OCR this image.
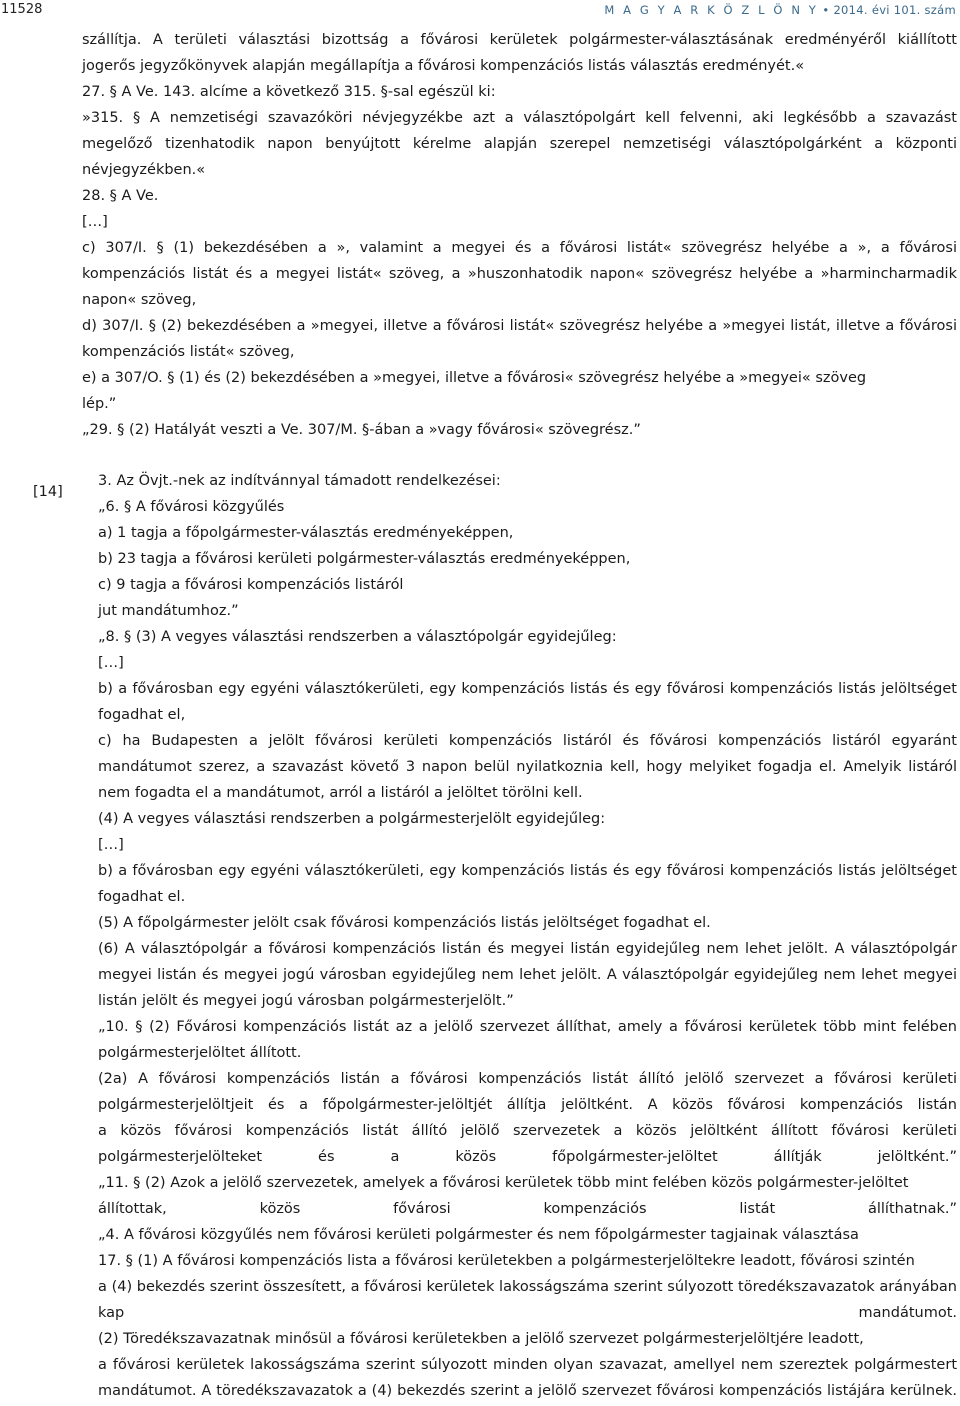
11528	M A G Y A R K Ö Z L Ö N Y • 2014. évi 101. szám
[14]
szállítja. A területi választási bizottság a fővárosi kerületek polgármester-választásának eredményéről kiállított
jogerős jegyzőkönyvek alapján megállapítja a fővárosi kompenzációs listás választás eredményét.«
27. § A Ve. 143. alcíme a következő 315. §-sal egészül ki:
»315. § A nemzetiségi szavazóköri névjegyzékbe azt a választópolgárt kell felvenni, aki legkésőbb a szavazást
megelőző tizenhatodik napon benyújtott kérelme alapján szerepel nemzetiségi választópolgárként a központi
névjegyzékben.«
28. § A Ve.
[…]
c) 307/I. § (1) bekezdésében a », valamint a megyei és a fővárosi listát« szövegrész helyébe a », a fővárosi
kompenzációs listát és a megyei listát« szöveg, a »huszonhatodik napon« szövegrész helyébe a »harmincharmadik
napon« szöveg,
d) 307/I. § (2) bekezdésében a »megyei, illetve a fővárosi listát« szövegrész helyébe a »megyei listát, illetve a fővárosi
kompenzációs listát« szöveg,
e) a 307/O. § (1) és (2) bekezdésében a »megyei, illetve a fővárosi« szövegrész helyébe a »megyei« szöveg
lép.”
„29. § (2) Hatályát veszti a Ve. 307/M. §-ában a »vagy fővárosi« szövegrész.”
3. Az Övjt.-nek az indítvánnyal támadott rendelkezései:
„6. § A fővárosi közgyűlés
a) 1 tagja a főpolgármester-választás eredményeképpen,
b) 23 tagja a fővárosi kerületi polgármester-választás eredményeképpen,
c) 9 tagja a fővárosi kompenzációs listáról
jut mandátumhoz.”
„8. § (3) A vegyes választási rendszerben a választópolgár egyidejűleg:
[…]
b) a fővárosban egy egyéni választókerületi, egy kompenzációs listás és egy fővárosi kompenzációs listás jelöltséget
fogadhat el,
c) ha Budapesten a jelölt fővárosi kerületi kompenzációs listáról és fővárosi kompenzációs listáról egyaránt
mandátumot szerez, a szavazást követő 3 napon belül nyilatkoznia kell, hogy melyiket fogadja el. Amelyik listáról
nem fogadta el a mandátumot, arról a listáról a jelöltet törölni kell.
(4) A vegyes választási rendszerben a polgármesterjelölt egyidejűleg:
[…]
b) a fővárosban egy egyéni választókerületi, egy kompenzációs listás és egy fővárosi kompenzációs listás jelöltséget
fogadhat el.
(5) A főpolgármester jelölt csak fővárosi kompenzációs listás jelöltséget fogadhat el.
(6) A választópolgár a fővárosi kompenzációs listán és megyei listán egyidejűleg nem lehet jelölt. A választópolgár
megyei listán és megyei jogú városban egyidejűleg nem lehet jelölt. A választópolgár egyidejűleg nem lehet megyei
listán jelölt és megyei jogú városban polgármesterjelölt.”
„10. § (2) Fővárosi kompenzációs listát az a jelölő szervezet állíthat, amely a fővárosi kerületek több mint felében
polgármesterjelöltet állított.
(2a) A fővárosi kompenzációs listán a fővárosi kompenzációs listát állító jelölő szervezet a fővárosi kerületi
polgármesterjelöltjeit és a főpolgármester-jelöltjét állítja jelöltként. A közös fővárosi kompenzációs listán
a közös fővárosi kompenzációs listát állító jelölő szervezetek a közös jelöltként állított fővárosi kerületi
polgármesterjelölteket és a közös főpolgármester-jelöltet állítják jelöltként.”
„11. § (2) Azok a jelölő szervezetek, amelyek a fővárosi kerületek több mint felében közös polgármester-jelöltet
állítottak, közös fővárosi kompenzációs listát állíthatnak.”
„4. A fővárosi közgyűlés nem fővárosi kerületi polgármester és nem főpolgármester tagjainak választása
17. § (1) A fővárosi kompenzációs lista a fővárosi kerületekben a polgármesterjelöltekre leadott, fővárosi szintén
a (4) bekezdés szerint összesített, a fővárosi kerületek lakosságszáma szerint súlyozott töredékszavazatok arányában
kap mandátumot.
(2) Töredékszavazatnak minősül a fővárosi kerületekben a jelölő szervezet polgármesterjelöltjére leadott,
a fővárosi kerületek lakosságszáma szerint súlyozott minden olyan szavazat, amellyel nem szereztek polgármestert
mandátumot. A töredékszavazatok a (4) bekezdés szerint a jelölő szervezet fővárosi kompenzációs listájára kerülnek.
